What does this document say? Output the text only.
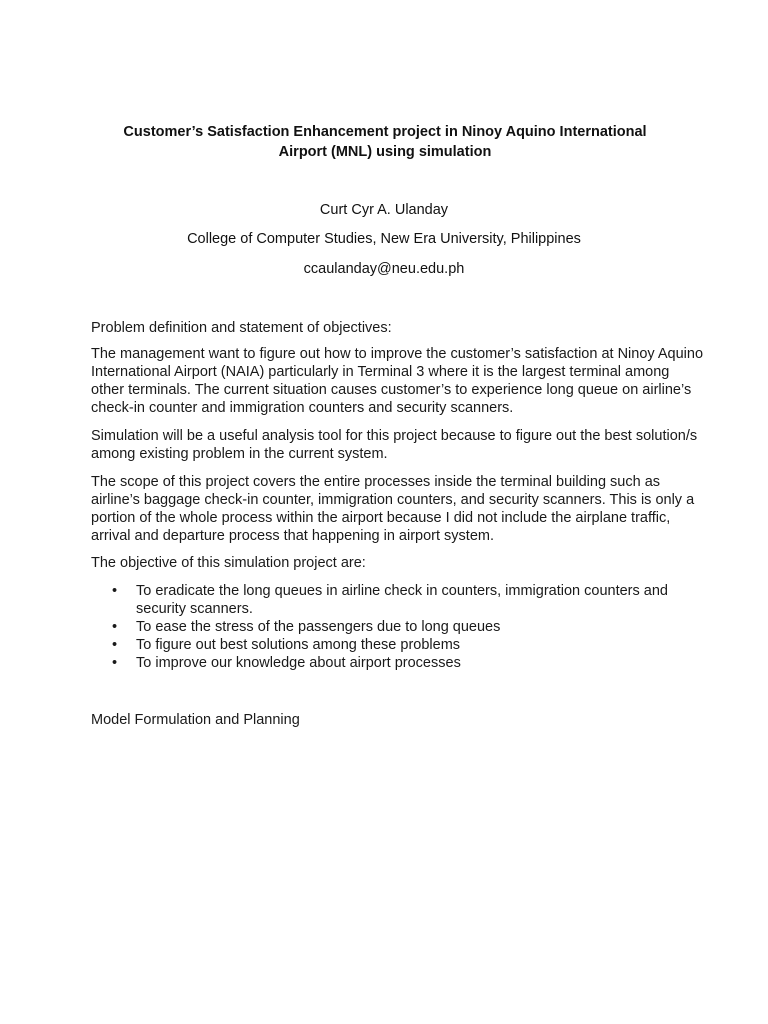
Customer’s Satisfaction Enhancement project in Ninoy Aquino International
Airport (MNL) using simulation
Curt Cyr A. Ulanday
College of Computer Studies, New Era University, Philippines
ccaulanday@neu.edu.ph
Problem definition and statement of objectives:
The management want to figure out how to improve the customer’s satisfaction at Ninoy Aquino
International Airport (NAIA) particularly in Terminal 3 where it is the largest terminal among
other terminals. The current situation causes customer’s to experience long queue on airline’s
check-in counter and immigration counters and security scanners.
Simulation will be a useful analysis tool for this project because to figure out the best solution/s
among existing problem in the current system.
The scope of this project covers the entire processes inside the terminal building such as
airline’s baggage check-in counter, immigration counters, and security scanners. This is only a
portion of the whole process within the airport because I did not include the airplane traffic,
arrival and departure process that happening in airport system.
The objective of this simulation project are:
• To eradicate the long queues in airline check in counters, immigration counters and
security scanners.
• To ease the stress of the passengers due to long queues
• To figure out best solutions among these problems
• To improve our knowledge about airport processes
Model Formulation and Planning
